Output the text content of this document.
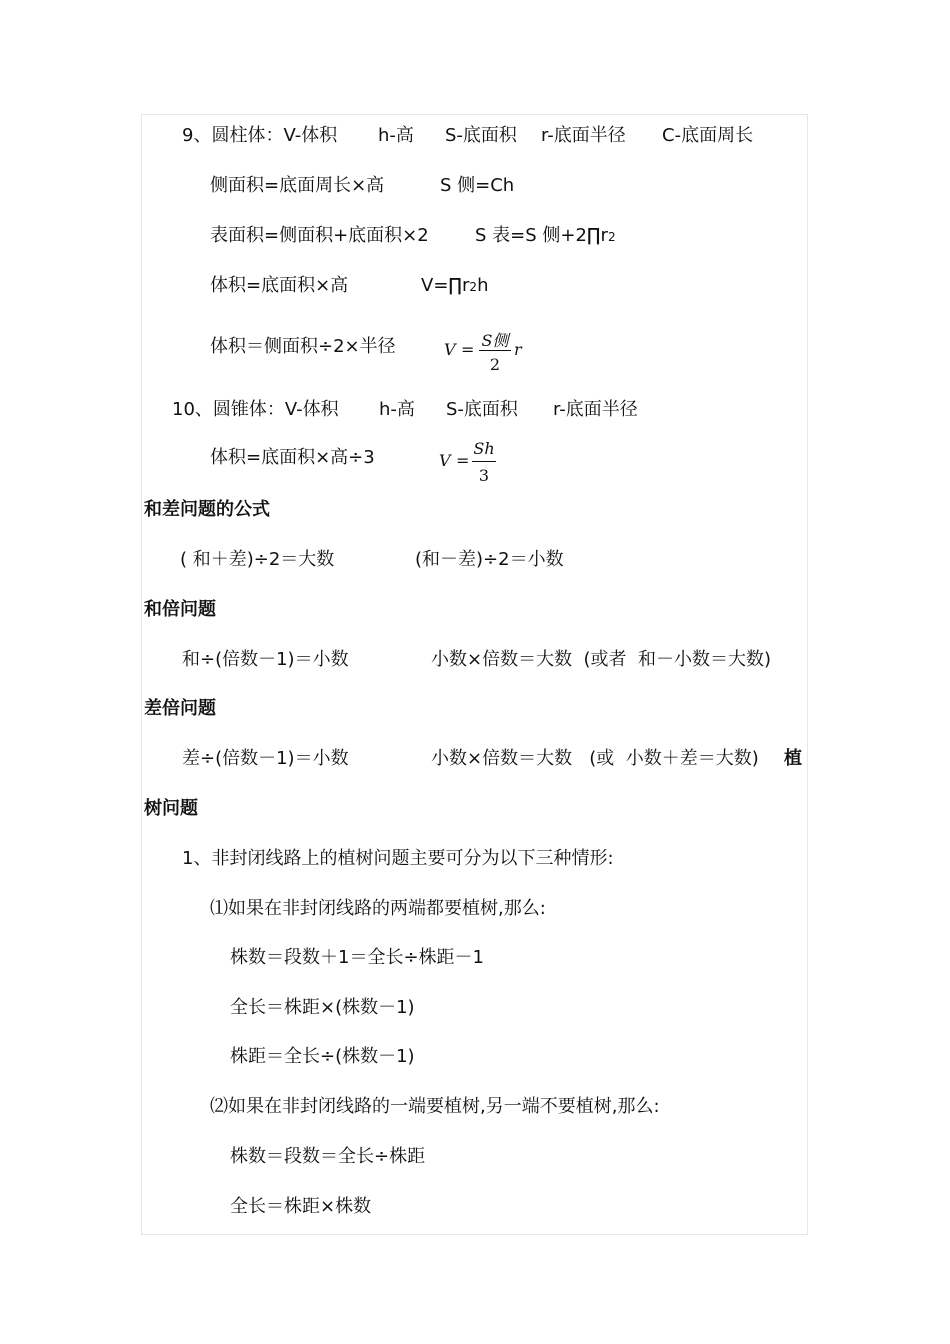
9、圆柱体：V-体积 h-高 S-底面积 r-底面半径 C-底面周长
侧面积=底面周长×高	S 侧=Ch
表面积=侧面积+底面积×2	S 表=S 侧+2∏r2
体积=底面积×高	V=∏r2h
体积＝侧面积÷2×半径	V = S侧
2
r
10、圆锥体：V-体积 h-高 S-底面积 r-底面半径
体积=底面积×高÷3	V =
Sh
3
和差问题的公式
( 和＋差)÷2＝大数	(和－差)÷2＝小数
和倍问题
和÷(倍数－1)＝小数	小数×倍数＝大数  (或者  和－小数＝大数)
差倍问题
差÷(倍数－1)＝小数	小数×倍数＝大数   (或  小数＋差＝大数) 植
树问题
1、非封闭线路上的植树问题主要可分为以下三种情形:
⑴如果在非封闭线路的两端都要植树,那么:
株数＝段数＋1＝全长÷株距－1
全长＝株距×(株数－1)
株距＝全长÷(株数－1)
⑵如果在非封闭线路的一端要植树,另一端不要植树,那么:
株数＝段数＝全长÷株距
全长＝株距×株数
